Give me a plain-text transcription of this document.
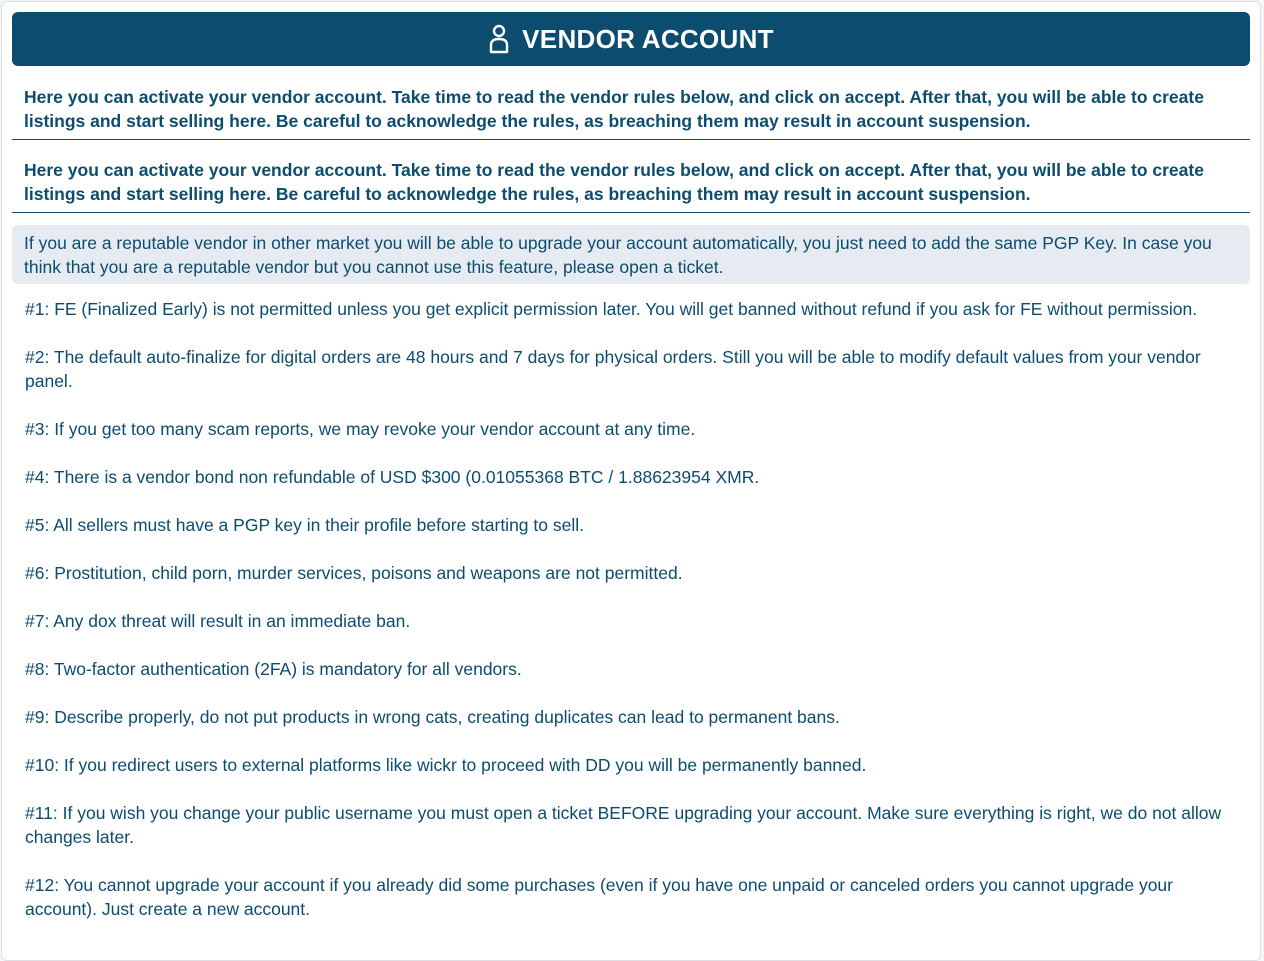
VENDOR ACCOUNT
Here you can activate your vendor account. Take time to read the vendor rules below, and click on accept. After that, you will be able to create listings and start selling here. Be careful to acknowledge the rules, as breaching them may result in account suspension.
Here you can activate your vendor account. Take time to read the vendor rules below, and click on accept. After that, you will be able to create listings and start selling here. Be careful to acknowledge the rules, as breaching them may result in account suspension.
If you are a reputable vendor in other market you will be able to upgrade your account automatically, you just need to add the same PGP Key. In case you think that you are a reputable vendor but you cannot use this feature, please open a ticket.
#1: FE (Finalized Early) is not permitted unless you get explicit permission later. You will get banned without refund if you ask for FE without permission.
#2: The default auto-finalize for digital orders are 48 hours and 7 days for physical orders. Still you will be able to modify default values from your vendor panel.
#3: If you get too many scam reports, we may revoke your vendor account at any time.
#4: There is a vendor bond non refundable of USD $300 (0.01055368 BTC / 1.88623954 XMR.
#5: All sellers must have a PGP key in their profile before starting to sell.
#6: Prostitution, child porn, murder services, poisons and weapons are not permitted.
#7: Any dox threat will result in an immediate ban.
#8: Two-factor authentication (2FA) is mandatory for all vendors.
#9: Describe properly, do not put products in wrong cats, creating duplicates can lead to permanent bans.
#10: If you redirect users to external platforms like wickr to proceed with DD you will be permanently banned.
#11: If you wish you change your public username you must open a ticket BEFORE upgrading your account. Make sure everything is right, we do not allow changes later.
#12: You cannot upgrade your account if you already did some purchases (even if you have one unpaid or canceled orders you cannot upgrade your account). Just create a new account.
